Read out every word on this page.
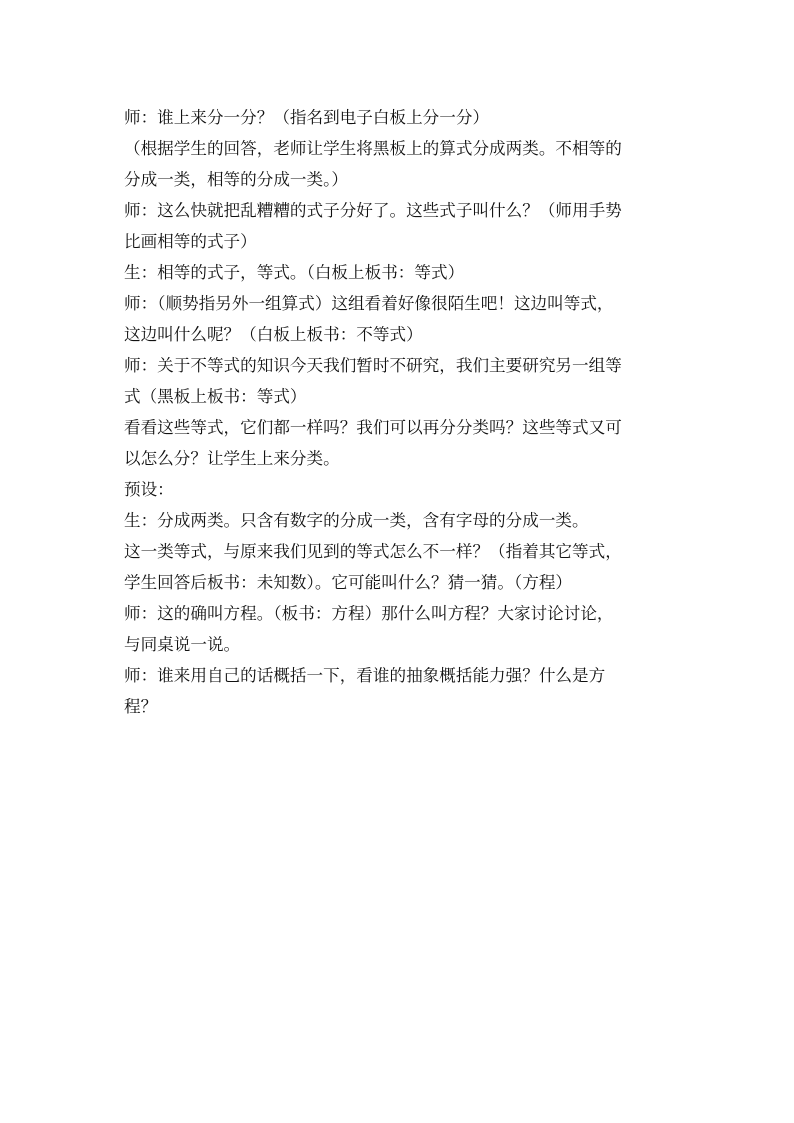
师：谁上来分一分？（指名到电子白板上分一分）

（根据学生的回答，老师让学生将黑板上的算式分成两类。不相等的

分成一类，相等的分成一类。）

师：这么快就把乱糟糟的式子分好了。这些式子叫什么？（师用手势

比画相等的式子）

生：相等的式子，等式。（白板上板书：等式）

师：（顺势指另外一组算式）这组看着好像很陌生吧！这边叫等式，

这边叫什么呢？（白板上板书：不等式）

师：关于不等式的知识今天我们暂时不研究，我们主要研究另一组等

式（黑板上板书：等式）

看看这些等式，它们都一样吗？我们可以再分分类吗？这些等式又可

以怎么分？让学生上来分类。

预设：

生：分成两类。只含有数字的分成一类，含有字母的分成一类。

这一类等式，与原来我们见到的等式怎么不一样？（指着其它等式，

学生回答后板书：未知数）。它可能叫什么？猜一猜。（方程）

师：这的确叫方程。（板书：方程）那什么叫方程？大家讨论讨论，

与同桌说一说。

师：谁来用自己的话概括一下，看谁的抽象概括能力强？什么是方

程？
